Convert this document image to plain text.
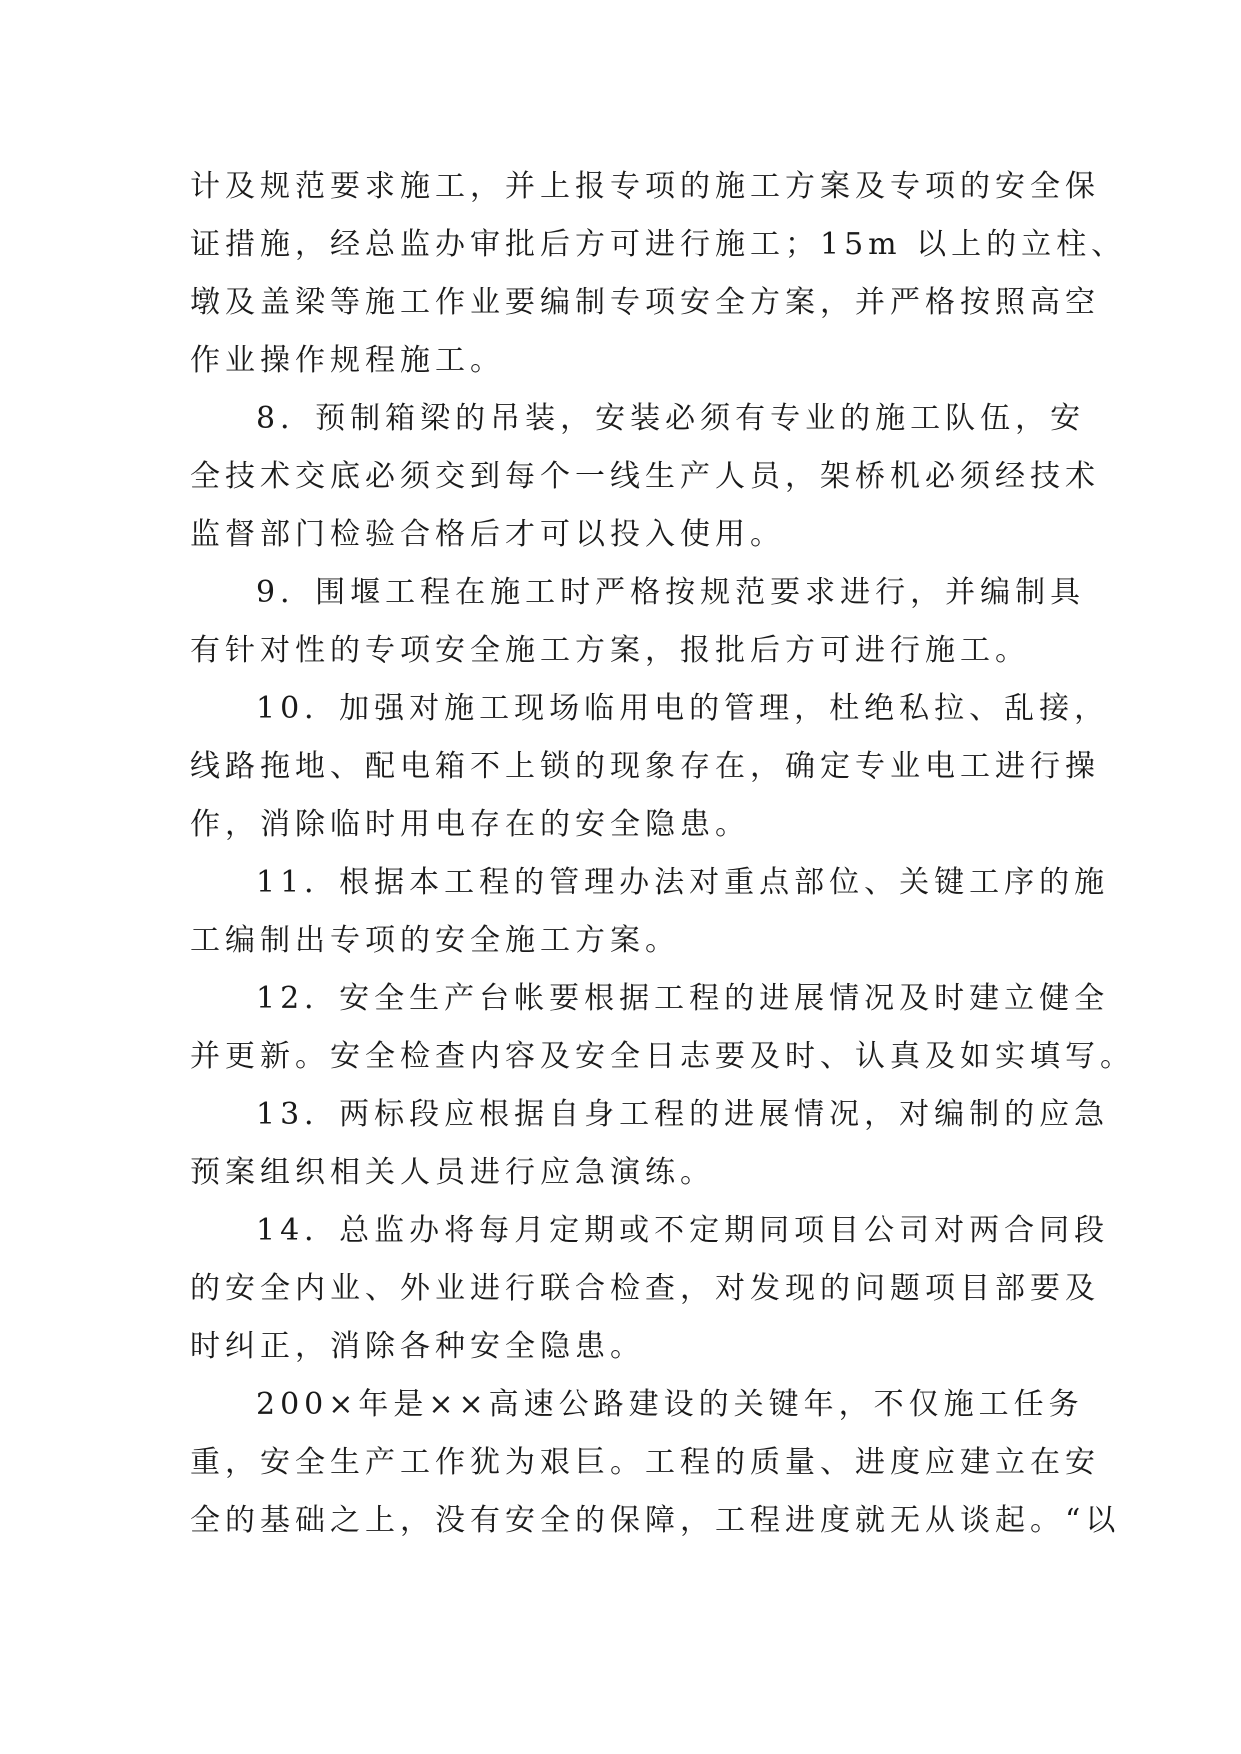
计及规范要求施工，并上报专项的施工方案及专项的安全保
证措施，经总监办审批后方可进行施工；15m 以上的立柱、
墩及盖梁等施工作业要编制专项安全方案，并严格按照高空
作业操作规程施工。

8．预制箱梁的吊装，安装必须有专业的施工队伍，安
全技术交底必须交到每个一线生产人员，架桥机必须经技术
监督部门检验合格后才可以投入使用。

9．围堰工程在施工时严格按规范要求进行，并编制具
有针对性的专项安全施工方案，报批后方可进行施工。

10．加强对施工现场临用电的管理，杜绝私拉、乱接，
线路拖地、配电箱不上锁的现象存在，确定专业电工进行操
作，消除临时用电存在的安全隐患。

11．根据本工程的管理办法对重点部位、关键工序的施
工编制出专项的安全施工方案。

12．安全生产台帐要根据工程的进展情况及时建立健全
并更新。安全检查内容及安全日志要及时、认真及如实填写。

13．两标段应根据自身工程的进展情况，对编制的应急
预案组织相关人员进行应急演练。

14．总监办将每月定期或不定期同项目公司对两合同段
的安全内业、外业进行联合检查，对发现的问题项目部要及
时纠正，消除各种安全隐患。

200×年是××高速公路建设的关键年，不仅施工任务
重，安全生产工作犹为艰巨。工程的质量、进度应建立在安
全的基础之上，没有安全的保障，工程进度就无从谈起。“以
